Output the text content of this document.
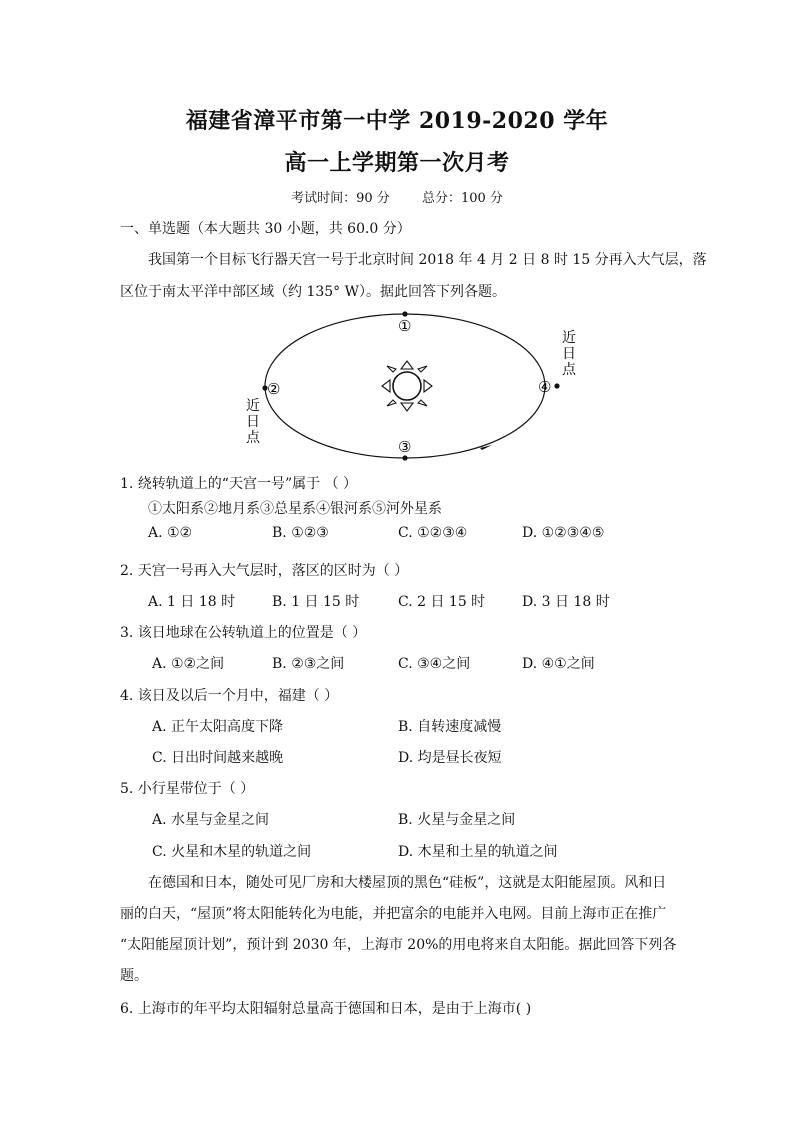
福建省漳平市第一中学 2019-2020 学年
高一上学期第一次月考
考试时间：90 分 总分：100 分
一、单选题（本大题共 30 小题，共 60.0 分）
我国第一个目标飞行器天宫一号于北京时间 2018 年 4 月 2 日 8 时 15 分再入大气层，落
区位于南太平洋中部区域（约 135° W）。据此回答下列各题。
①
②
③
④
近
日
点
近
日
点
1. 绕转轨道上的“天宫一号”属于 （ ）
①太阳系②地月系③总星系④银河系⑤河外星系
A. ①②	B. ①②③	C. ①②③④	D. ①②③④⑤
2. 天宫一号再入大气层时，落区的区时为（ ）
A. 1 日 18 时	B. 1 日 15 时	C. 2 日 15 时	D. 3 日 18 时
3. 该日地球在公转轨道上的位置是（ ）
A. ①②之间	B. ②③之间	C. ③④之间	D. ④①之间
4. 该日及以后一个月中，福建（ ）
A. 正午太阳高度下降	B. 自转速度减慢
C. 日出时间越来越晚	D. 均是昼长夜短
5. 小行星带位于（ ）
A. 水星与金星之间	B. 火星与金星之间
C. 火星和木星的轨道之间	D. 木星和土星的轨道之间
在德国和日本，随处可见厂房和大楼屋顶的黑色“硅板”，这就是太阳能屋顶。风和日
丽的白天，“屋顶”将太阳能转化为电能，并把富余的电能并入电网。目前上海市正在推广
“太阳能屋顶计划”，预计到 2030 年，上海市 20%的用电将来自太阳能。据此回答下列各
题。
6. 上海市的年平均太阳辐射总量高于德国和日本，是由于上海市( )
